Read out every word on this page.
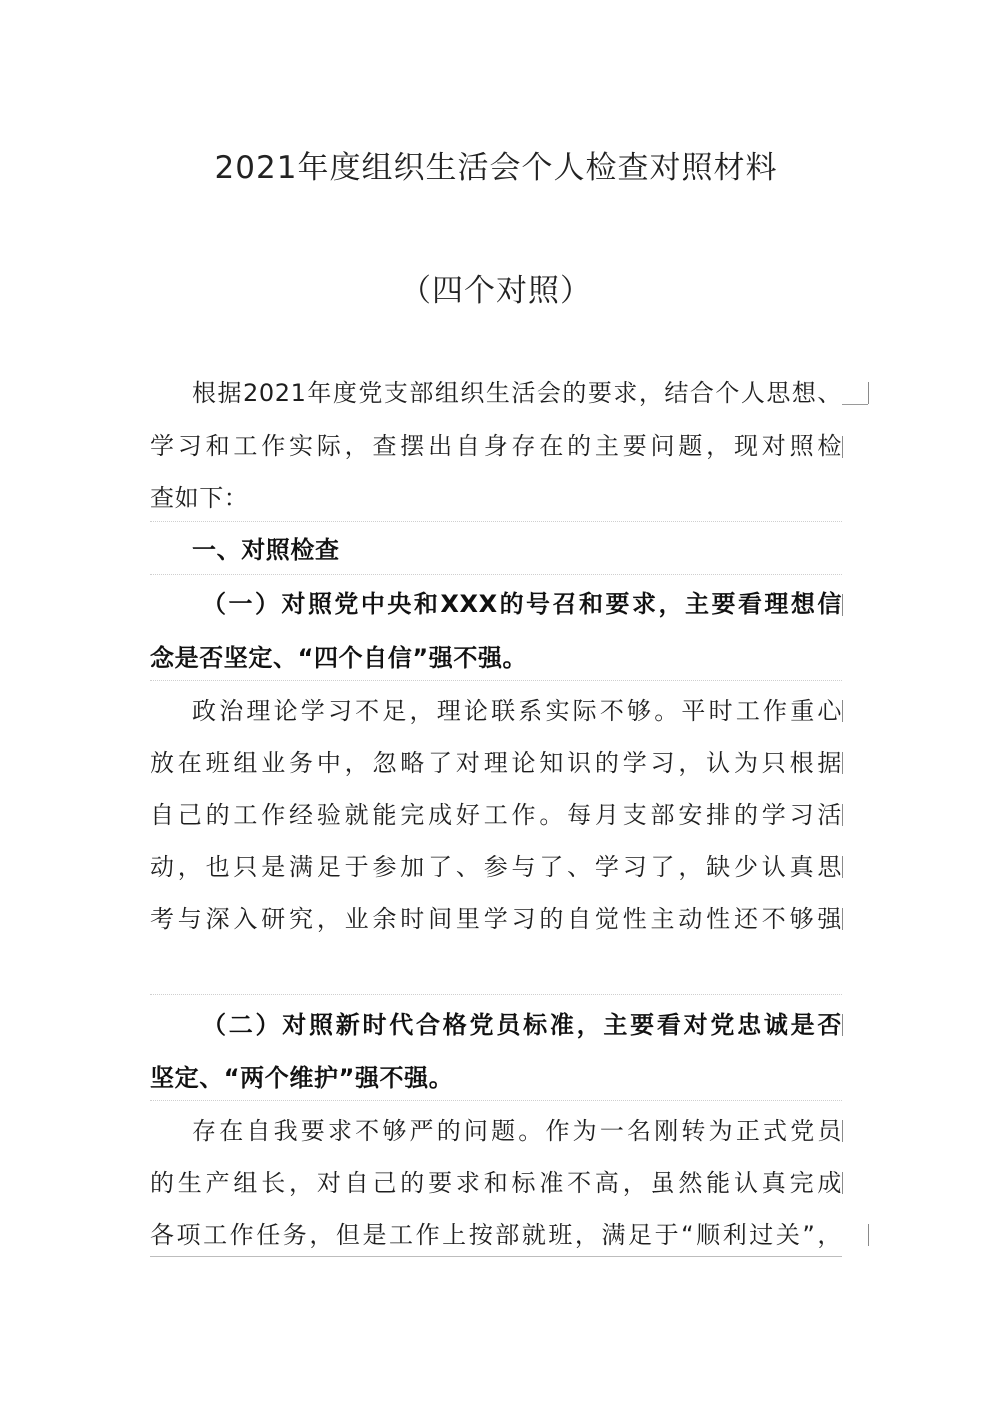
2021年度组织生活会个人检查对照材料
（四个对照）
根据2021年度党支部组织生活会的要求，结合个人思想、
学习和工作实际，查摆出自身存在的主要问题，现对照检
查如下：
一、对照检查
（一）对照党中央和XXX的号召和要求，主要看理想信
念是否坚定、“四个自信”强不强。
政治理论学习不足，理论联系实际不够。平时工作重心
放在班组业务中，忽略了对理论知识的学习，认为只根据
自己的工作经验就能完成好工作。每月支部安排的学习活
动，也只是满足于参加了、参与了、学习了，缺少认真思
考与深入研究，业余时间里学习的自觉性主动性还不够强
（二）对照新时代合格党员标准，主要看对党忠诚是否
坚定、“两个维护”强不强。
存在自我要求不够严的问题。作为一名刚转为正式党员
的生产组长，对自己的要求和标准不高，虽然能认真完成
各项工作任务，但是工作上按部就班，满足于“顺利过关”，
